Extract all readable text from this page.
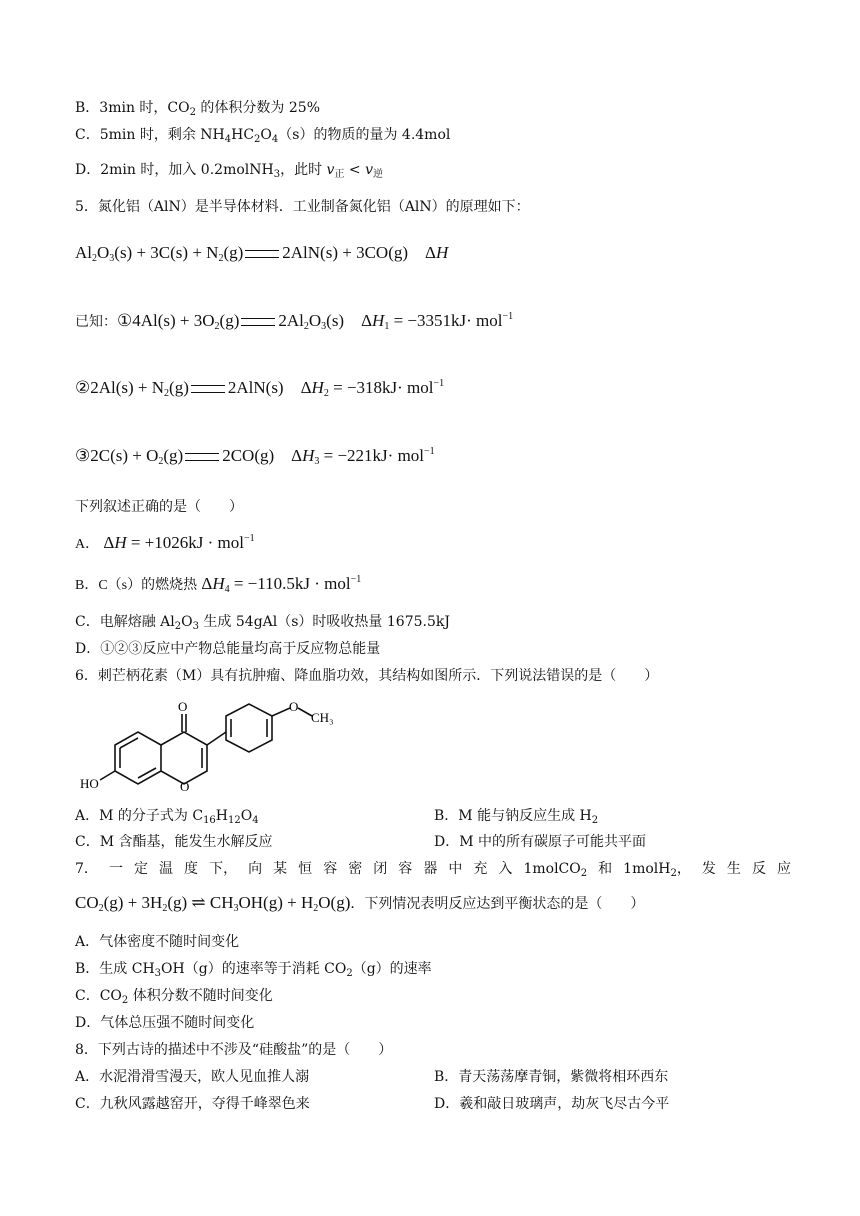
B．3min 时，$CO_2$ 的体积分数为 25%
C．5min 时，剩余 $NH_4HC_2O_4(s)$的物质的量为 4.4mol
D．2min 时，加入 0.2molNH$_3$，此时 $v_正 < v_逆$
5．氮化铝（AlN）是半导体材料．工业制备氮化铝（AlN）的原理如下：
$Al_2O_3(s) + 3C(s) + N_2(g) 2AlN(s) + 3CO(g)$    ΔH
已知：①4Al(s) + $3O_2(g)$ $2Al_2O_3(s)$    $\Delta H_1 = -3351kJ\cdot mol^{-1}$
②2Al(s) + $N_2(g)$ 2AlN(s)    $\Delta H_2 = -318kJ\cdot mol^{-1}$
③2C(s) + $O_2(g)$ 2CO(g)    $\Delta H_3 = -221kJ\cdot mol^{-1}$
下列叙述正确的是（　　）
A． ΔH = +1026kJ · mol$^{-1}$
B．C（s）的燃烧热 $\Delta H_4 = -110.5kJ \cdot mol^{-1}$
C．电解熔融 $Al_2O_3$ 生成 54gAl（s）时吸收热量 1675.5kJ
D．①②③反应中产物总能量均高于反应物总能量
6．刺芒柄花素（M）具有抗肿瘤、降血脂功效，其结构如图所示．下列说法错误的是（　　）
O
O
O
CH₃
HO
A．M 的分子式为 $C_{16}H_{12}O_4$	B．M 能与钠反应生成 $H_2$
C．M 含酯基，能发生水解反应	D．M 中的所有碳原子可能共平面
7． 一 定 温 度 下， 向 某 恒 容 密 闭 容 器 中 充 入 1molCO$_2$ 和 1molH$_2$， 发 生 反 应
$CO_2(g) + 3H_2(g)$ ⇌ $CH_3OH(g) + H_2O(g)$．下列情况表明反应达到平衡状态的是（　　）
A．气体密度不随时间变化
B．生成 $CH_3OH(g)$的速率等于消耗 $CO_2(g)$的速率
C．$CO_2$ 体积分数不随时间变化
D．气体总压强不随时间变化
8．下列古诗的描述中不涉及“硅酸盐”的是（　　）
A．水泥滑滑雪漫天，欧人见血推人溺	B．青天荡荡摩青铜，紫微将相环西东
C．九秋风露越窑开，夺得千峰翠色来	D．羲和敲日玻璃声，劫灰飞尽古今平
